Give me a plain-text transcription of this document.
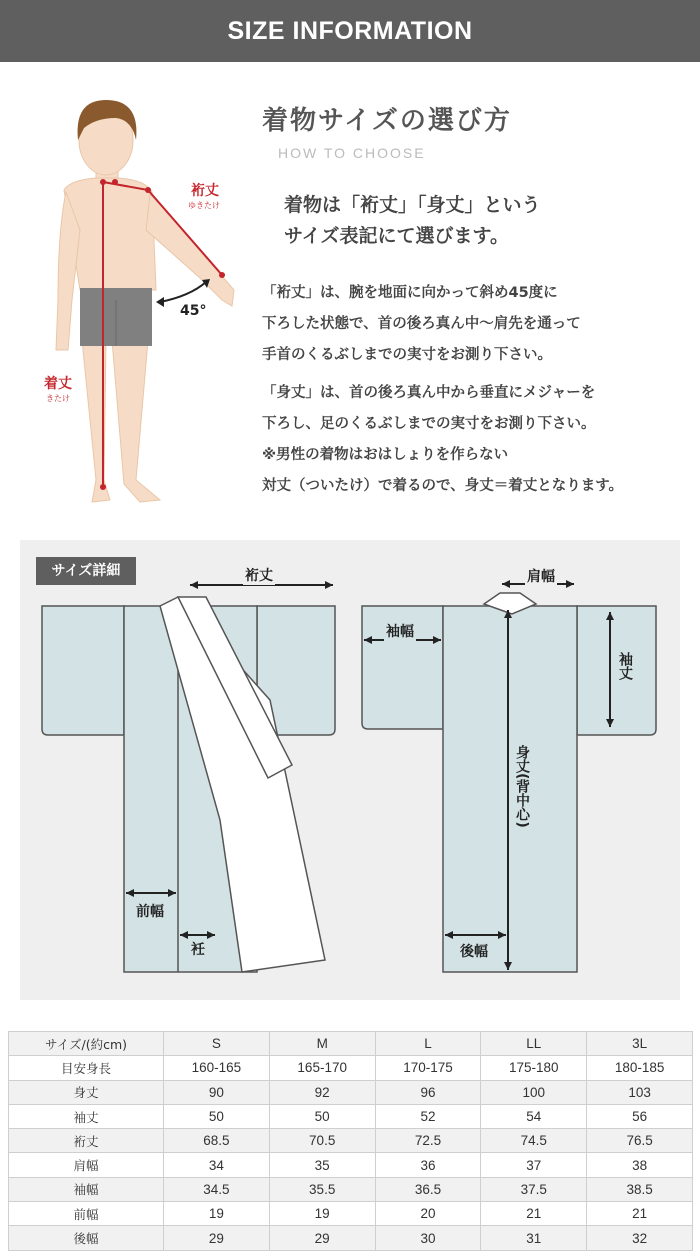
SIZE INFORMATION
裄丈
ゆきたけ
着丈
きたけ
45°
着物サイズの選び方
HOW TO CHOOSE
着物は「裄丈」「身丈」という
サイズ表記にて選びます。
「裄丈」は、腕を地面に向かって斜め45度に
下ろした状態で、首の後ろ真ん中～肩先を通って
手首のくるぶしまでの実寸をお測り下さい。
「身丈」は、首の後ろ真ん中から垂直にメジャーを
下ろし、足のくるぶしまでの実寸をお測り下さい。
※男性の着物はおはしょりを作らない
対丈（ついたけ）で着るので、身丈＝着丈となります。
サイズ詳細	裄丈	肩幅
袖幅
袖丈
身丈(背中心)
前幅
衽	後幅
サイズ/(約cm)	S	M	L	LL	3L
目安身長	160-165	165-170	170-175	175-180	180-185
身丈	90	92	96	100	103
袖丈	50	50	52	54	56
裄丈	68.5	70.5	72.5	74.5	76.5
肩幅	34	35	36	37	38
袖幅	34.5	35.5	36.5	37.5	38.5
前幅	19	19	20	21	21
後幅	29	29	30	31	32
